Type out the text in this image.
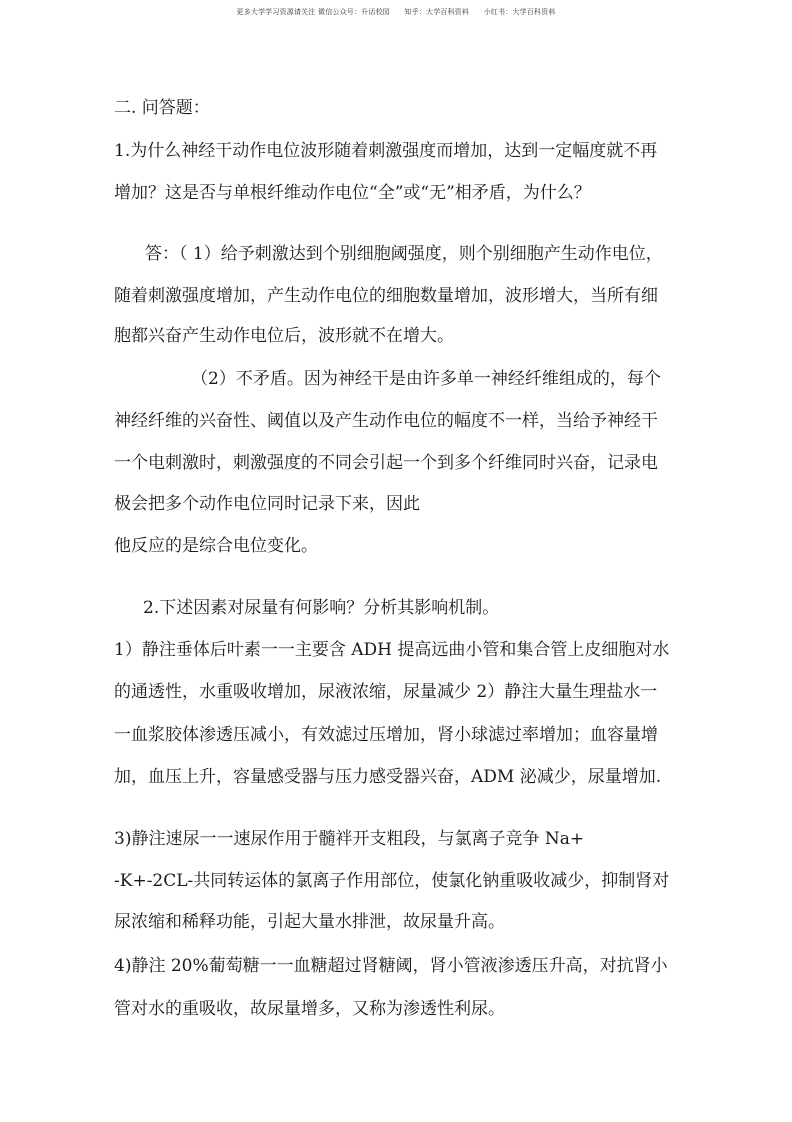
更多大学学习资源请关注 微信公众号：升话校园　　知乎：大学百科资料　　小红书：大学百科资料
二. 问答题：
1.为什么神经干动作电位波形随着刺激强度而增加，达到一定幅度就不再
增加？这是否与单根纤维动作电位“全”或“无”相矛盾，为什么？
答：（ 1）给予刺激达到个别细胞阈强度，则个别细胞产生动作电位，
随着刺激强度增加，产生动作电位的细胞数量增加，波形增大，当所有细
胞都兴奋产生动作电位后，波形就不在增大。
（2）不矛盾。因为神经干是由许多单一神经纤维组成的，每个
神经纤维的兴奋性、阈值以及产生动作电位的幅度不一样，当给予神经干
一个电刺激时，刺激强度的不同会引起一个到多个纤维同时兴奋，记录电
极会把多个动作电位同时记录下来，因此
他反应的是综合电位变化。
2.下述因素对尿量有何影响？分析其影响机制。
1）静注垂体后叶素一一主要含 ADH 提高远曲小管和集合管上皮细胞对水
的通透性，水重吸收增加，尿液浓缩，尿量减少 2）静注大量生理盐水一
一血浆胶体渗透压减小，有效滤过压增加，肾小球滤过率增加；血容量增
加，血压上升，容量感受器与压力感受器兴奋，ADM 泌减少，尿量增加.
3)静注速尿一一速尿作用于髓袢开支粗段，与氯离子竞争 Na+
-K+-2CL-共同转运体的氯离子作用部位，使氯化钠重吸收减少，抑制肾对
尿浓缩和稀释功能，引起大量水排泄，故尿量升高。
4)静注 20%葡萄糖一一血糖超过肾糖阈，肾小管液渗透压升高，对抗肾小
管对水的重吸收，故尿量增多，又称为渗透性利尿。
